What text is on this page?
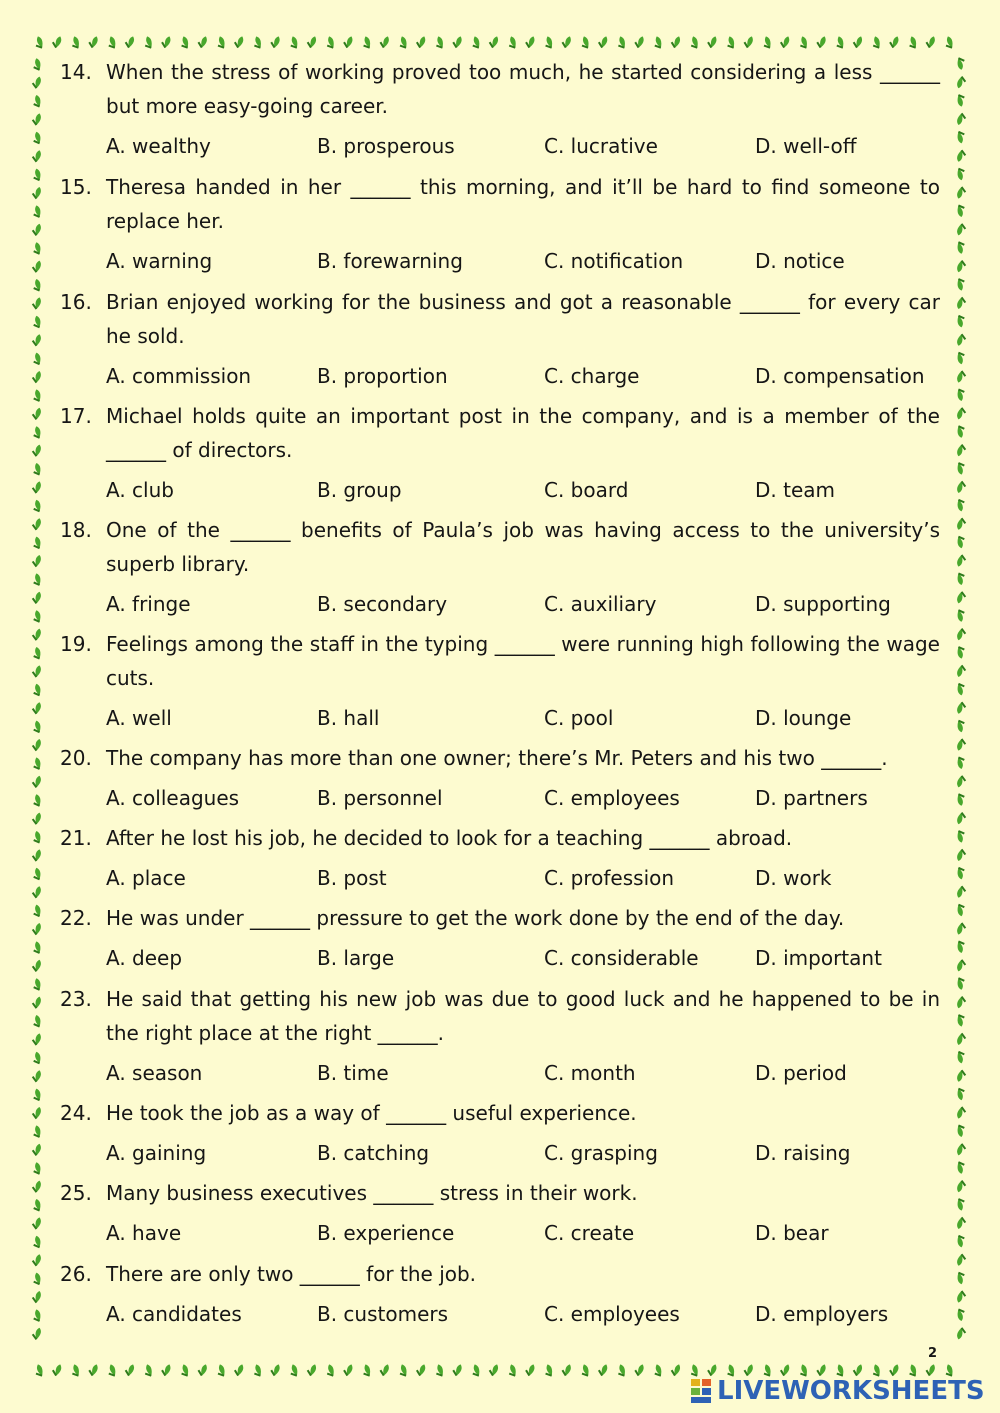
14. When the stress of working proved too much, he started considering a less ______ but more easy-going career.
A. wealthy	B. prosperous	C. lucrative	D. well-off
15. Theresa handed in her ______ this morning, and it’ll be hard to find someone to replace her.
A. warning	B. forewarning	C. notification	D. notice
16. Brian enjoyed working for the business and got a reasonable ______ for every car he sold.
A. commission	B. proportion	C. charge	D. compensation
17. Michael holds quite an important post in the company, and is a member of the ______ of directors.
A. club	B. group	C. board	D. team
18. One of the ______ benefits of Paula’s job was having access to the university’s superb library.
A. fringe	B. secondary	C. auxiliary	D. supporting
19. Feelings among the staff in the typing ______ were running high following the wage cuts.
A. well	B. hall	C. pool	D. lounge
20. The company has more than one owner; there’s Mr. Peters and his two ______.
A. colleagues	B. personnel	C. employees	D. partners
21. After he lost his job, he decided to look for a teaching ______ abroad.
A. place	B. post	C. profession	D. work
22. He was under ______ pressure to get the work done by the end of the day.
A. deep	B. large	C. considerable	D. important
23. He said that getting his new job was due to good luck and he happened to be in the right place at the right ______.
A. season	B. time	C. month	D. period
24. He took the job as a way of ______ useful experience.
A. gaining	B. catching	C. grasping	D. raising
25. Many business executives ______ stress in their work.
A. have	B. experience	C. create	D. bear
26. There are only two ______ for the job.
A. candidates	B. customers	C. employees	D. employers
2
LIVEWORKSHEETS
